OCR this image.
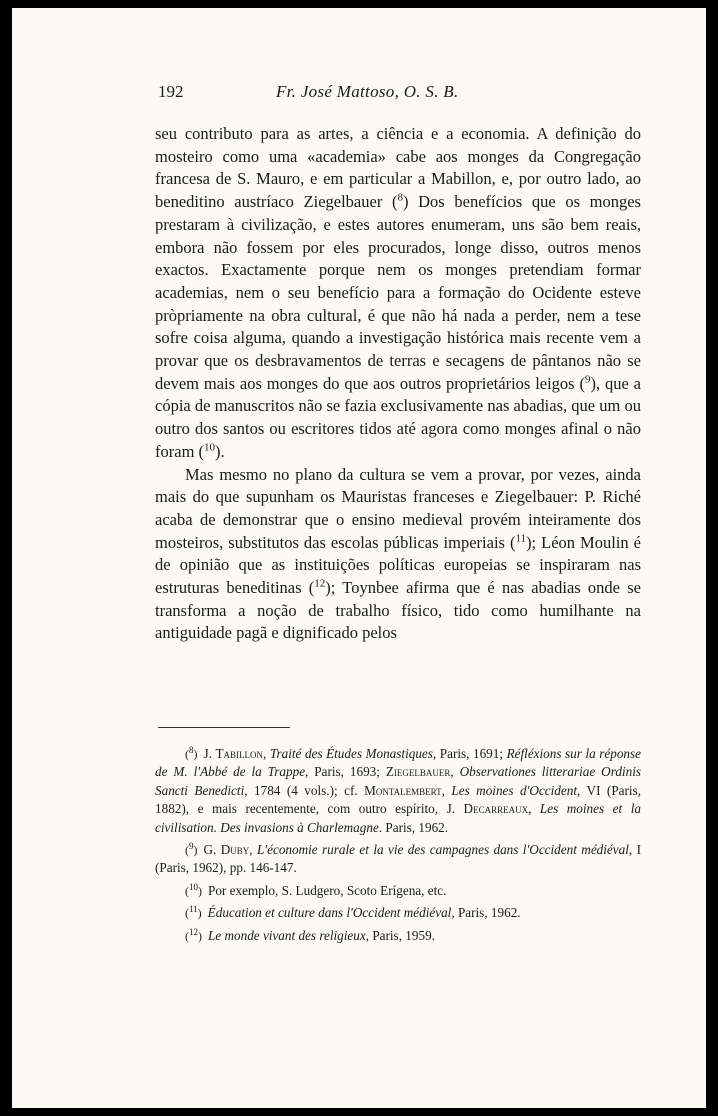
192	Fr. José Mattoso, O. S. B.

seu contributo para as artes, a ciência e a economia. A definição do mosteiro como uma «academia» cabe aos monges da Congregação francesa de S. Mauro, e em particular a Mabillon, e, por outro lado, ao beneditino austríaco Ziegelbauer ($^8$) Dos benefícios que os monges prestaram à civilização, e estes autores enumeram, uns são bem reais, embora não fossem por eles procurados, longe disso, outros menos exactos. Exactamente porque nem os monges pretendiam formar academias, nem o seu benefício para a formação do Ocidente esteve pròpriamente na obra cultural, é que não há nada a perder, nem a tese sofre coisa alguma, quando a investigação histórica mais recente vem a provar que os desbravamentos de terras e secagens de pântanos não se devem mais aos monges do que aos outros proprietários leigos ($^9$), que a cópia de manuscritos não se fazia exclusivamente nas abadias, que um ou outro dos santos ou escritores tidos até agora como monges afinal o não foram ($^{10}$).

Mas mesmo no plano da cultura se vem a provar, por vezes, ainda mais do que supunham os Mauristas franceses e Ziegelbauer: P. Riché acaba de demonstrar que o ensino medieval provém inteiramente dos mosteiros, substitutos das escolas públicas imperiais ($^{11}$); Léon Moulin é de opinião que as instituições políticas europeias se inspiraram nas estruturas beneditinas ($^{12}$); Toynbee afirma que é nas abadias onde se transforma a noção de trabalho físico, tido como humilhante na antiguidade pagã e dignificado pelos

($^8$) J. Tabillon, Traité des Études Monastiques, Paris, 1691; Réfléxions sur la réponse de M. l'Abbé de la Trappe, Paris, 1693; Ziegelbauer, Observationes litterariae Ordinis Sancti Benedicti, 1784 (4 vols.); cf. Montalembert, Les moines d'Occident, VI (Paris, 1882), e mais recentemente, com outro espírito, J. Decarreaux, Les moines et la civilisation. Des invasions à Charlemagne. Paris, 1962.
($^9$) G. Duby, L'économie rurale et la vie des campagnes dans l'Occident médiéval, I (Paris, 1962), pp. 146-147.
($^{10}$) Por exemplo, S. Ludgero, Scoto Erígena, etc.
($^{11}$) Éducation et culture dans l'Occident médiéval, Paris, 1962.
($^{12}$) Le monde vivant des religieux, Paris, 1959.
